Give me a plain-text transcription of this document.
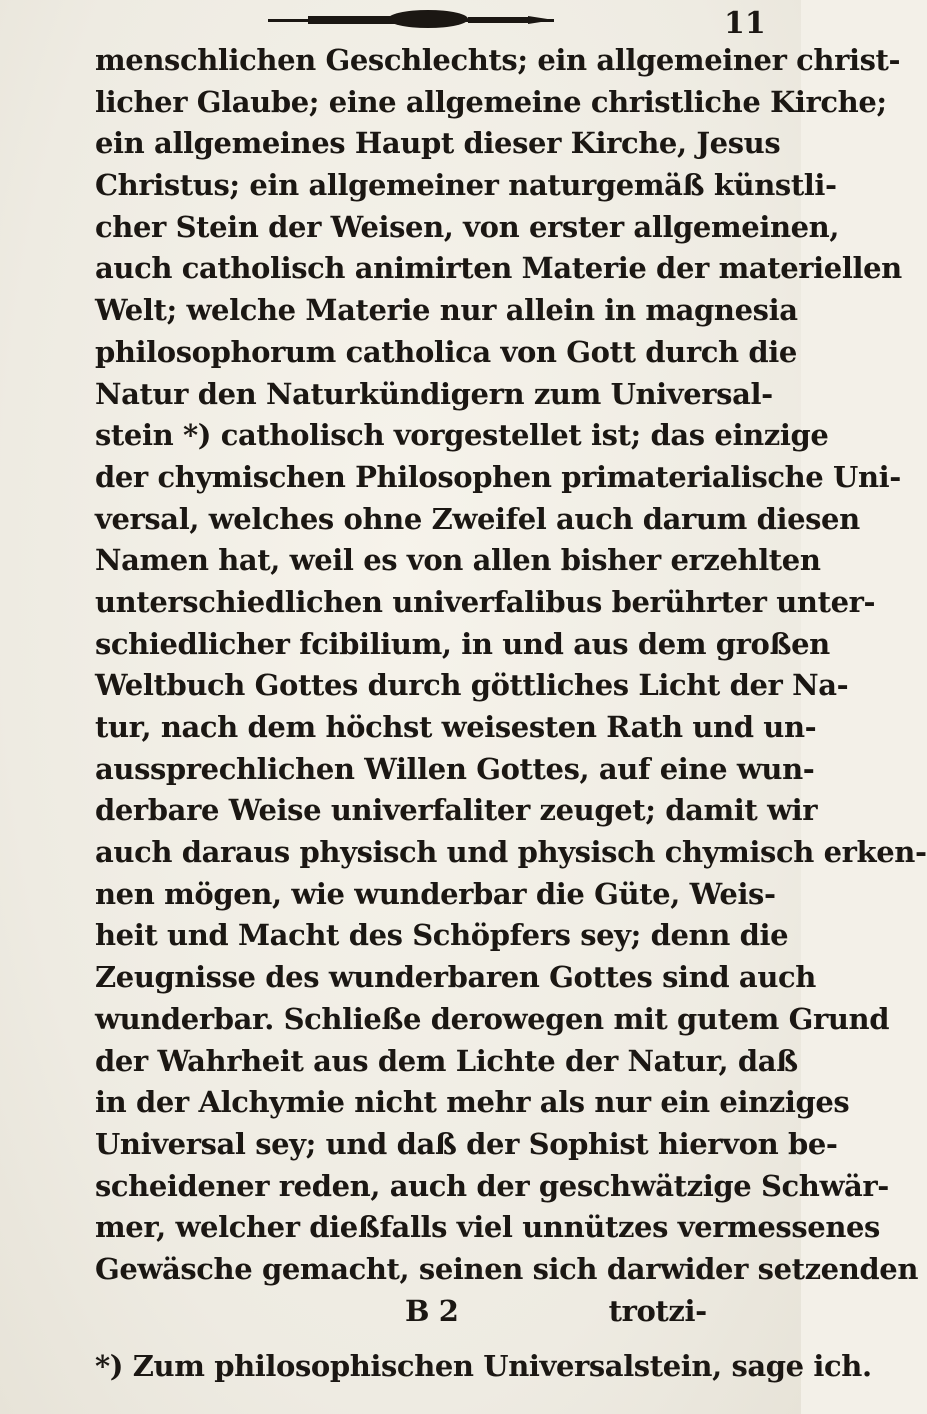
11
menschlichen Geschlechts; ein allgemeiner christ-
licher Glaube; eine allgemeine christliche Kirche;
ein allgemeines Haupt dieser Kirche, Jesus
Christus; ein allgemeiner naturgemäß künstli-
cher Stein der Weisen, von erster allgemeinen,
auch catholisch animirten Materie der materiellen
Welt; welche Materie nur allein in magnesia
philosophorum catholica von Gott durch die
Natur den Naturkündigern zum Universal-
stein *) catholisch vorgestellet ist; das einzige
der chymischen Philosophen primaterialische Uni-
versal, welches ohne Zweifel auch darum diesen
Namen hat, weil es von allen bisher erzehlten
unterschiedlichen univerfalibus berührter unter-
schiedlicher fcibilium, in und aus dem großen
Weltbuch Gottes durch göttliches Licht der Na-
tur, nach dem höchst weisesten Rath und un-
aussprechlichen Willen Gottes, auf eine wun-
derbare Weise univerfaliter zeuget; damit wir
auch daraus physisch und physisch chymisch erken-
nen mögen, wie wunderbar die Güte, Weis-
heit und Macht des Schöpfers sey; denn die
Zeugnisse des wunderbaren Gottes sind auch
wunderbar. Schließe derowegen mit gutem Grund
der Wahrheit aus dem Lichte der Natur, daß
in der Alchymie nicht mehr als nur ein einziges
Universal sey; und daß der Sophist hiervon be-
scheidener reden, auch der geschwätzige Schwär-
mer, welcher dießfalls viel unnützes vermessenes
Gewäsche gemacht, seinen sich darwider setzenden
B 2	trotzi-
*) Zum philosophischen Universalstein, sage ich.
